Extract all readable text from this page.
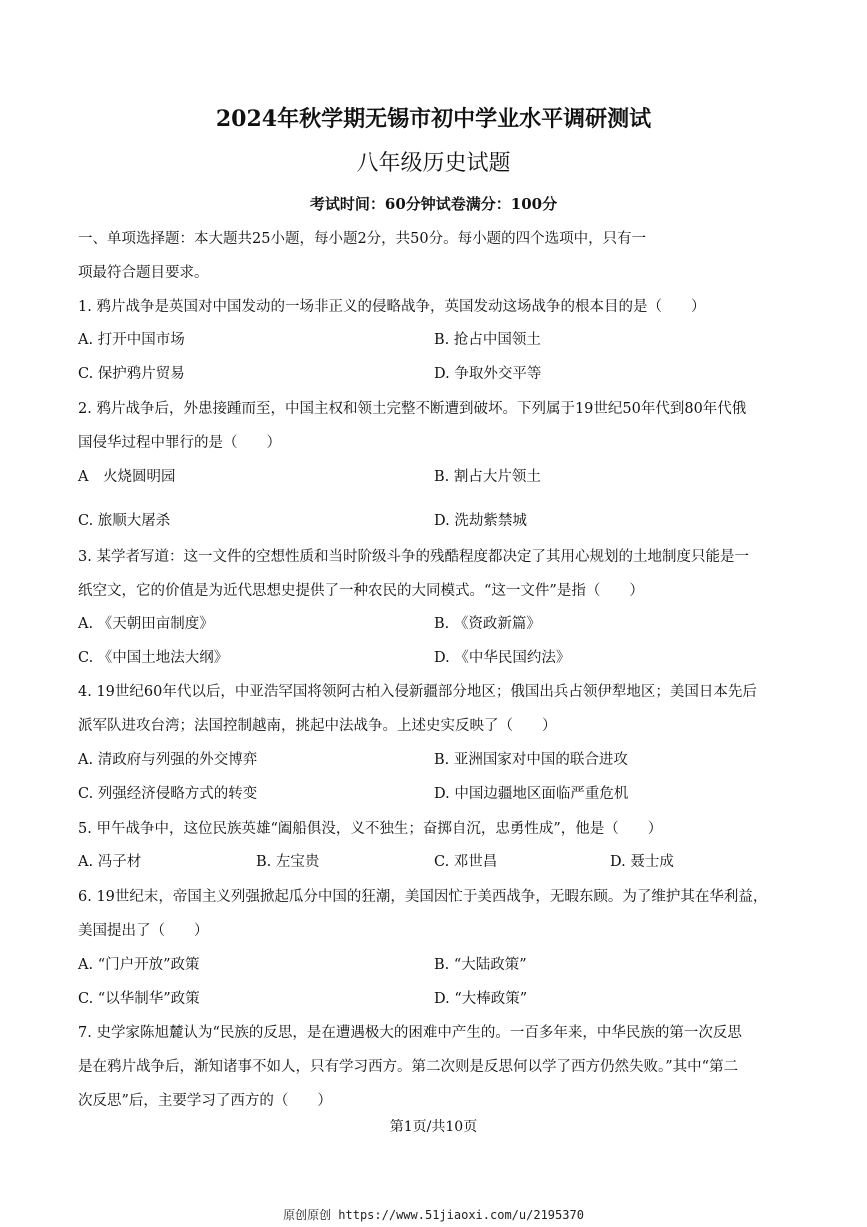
2024年秋学期无锡市初中学业水平调研测试
八年级历史试题
考试时间：60分钟试卷满分：100分
一、单项选择题：本大题共25小题，每小题2分，共50分。每小题的四个选项中，只有一
项最符合题目要求。
1. 鸦片战争是英国对中国发动的一场非正义的侵略战争，英国发动这场战争的根本目的是（　　）
A. 打开中国市场	B. 抢占中国领土
C. 保护鸦片贸易	D. 争取外交平等
2. 鸦片战争后，外患接踵而至，中国主权和领土完整不断遭到破坏。下列属于19世纪50年代到80年代俄
国侵华过程中罪行的是（　　）
A　火烧圆明园	B. 割占大片领土
C. 旅顺大屠杀	D. 洗劫紫禁城
3. 某学者写道：这一文件的空想性质和当时阶级斗争的残酷程度都决定了其用心规划的土地制度只能是一
纸空文，它的价值是为近代思想史提供了一种农民的大同模式。“这一文件”是指（　　）
A. 《天朝田亩制度》	B. 《资政新篇》
C. 《中国土地法大纲》	D. 《中华民国约法》
4. 19世纪60年代以后，中亚浩罕国将领阿古柏入侵新疆部分地区；俄国出兵占领伊犁地区；美国日本先后
派军队进攻台湾；法国控制越南，挑起中法战争。上述史实反映了（　　）
A. 清政府与列强的外交博弈	B. 亚洲国家对中国的联合进攻
C. 列强经济侵略方式的转变	D. 中国边疆地区面临严重危机
5. 甲午战争中，这位民族英雄“阖船俱没，义不独生；奋掷自沉，忠勇性成”，他是（　　）
A. 冯子材	B. 左宝贵	C. 邓世昌	D. 聂士成
6. 19世纪末，帝国主义列强掀起瓜分中国的狂潮，美国因忙于美西战争，无暇东顾。为了维护其在华利益，
美国提出了（　　）
A. “门户开放”政策	B. “大陆政策”
C. “以华制华”政策	D. “大棒政策”
7. 史学家陈旭麓认为“民族的反思，是在遭遇极大的困难中产生的。一百多年来，中华民族的第一次反思
是在鸦片战争后，渐知诸事不如人，只有学习西方。第二次则是反思何以学了西方仍然失败。”其中“第二
次反思”后，主要学习了西方的（　　）
第1页/共10页
原创原创 https://www.51jiaoxi.com/u/2195370
